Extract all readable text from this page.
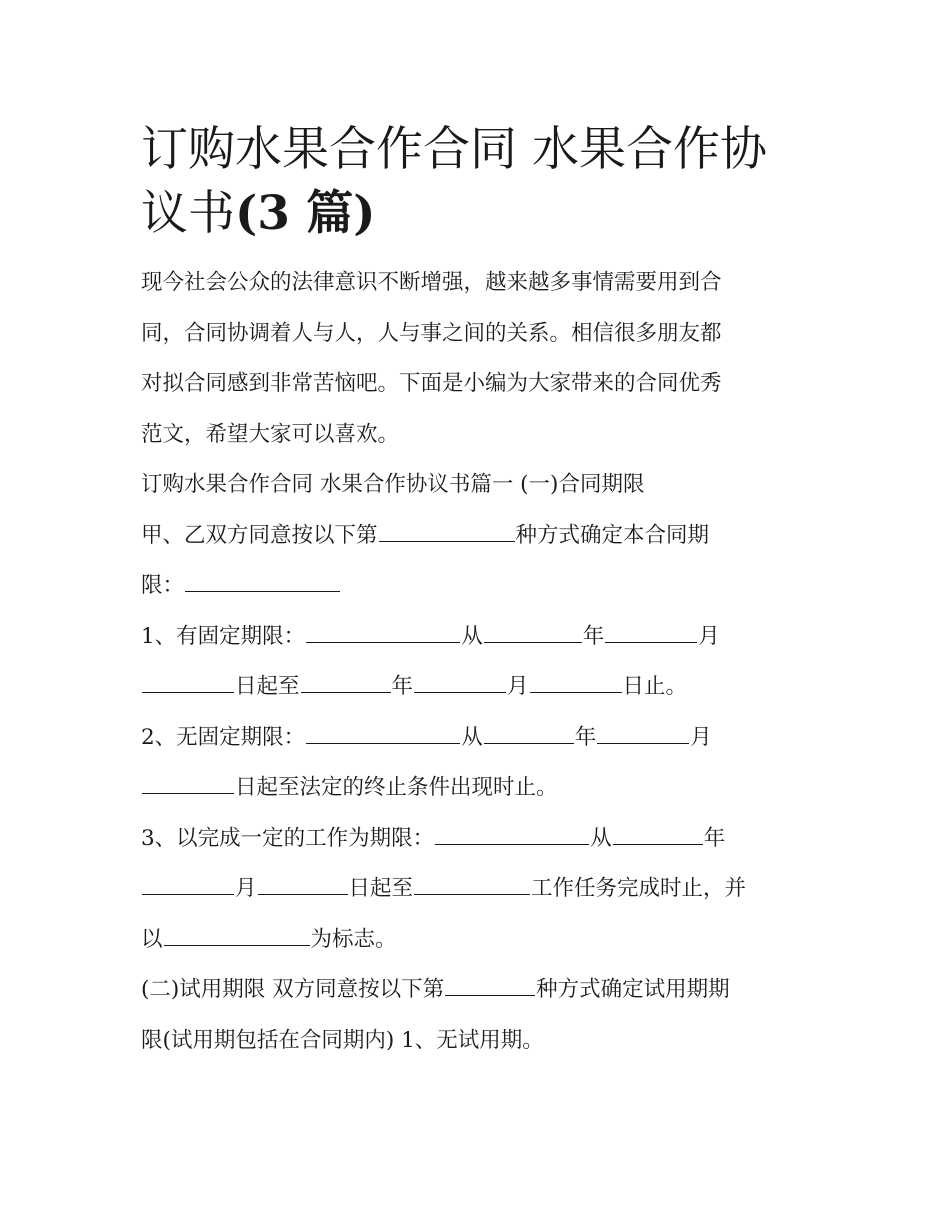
订购水果合作合同 水果合作协
议书(3 篇)

现今社会公众的法律意识不断增强，越来越多事情需要用到合
同，合同协调着人与人，人与事之间的关系。相信很多朋友都
对拟合同感到非常苦恼吧。下面是小编为大家带来的合同优秀
范文，希望大家可以喜欢。

订购水果合作合同 水果合作协议书篇一 (一)合同期限

甲、乙双方同意按以下第	种方式确定本合同期
限：

1、有固定期限：	从	年	月
日起至	年	月	日止。

2、无固定期限：	从	年	月
日起至法定的终止条件出现时止。

3、以完成一定的工作为期限：	从	年
月	日起至	工作任务完成时止，并
以	为标志。

(二)试用期限 双方同意按以下第	种方式确定试用期期
限(试用期包括在合同期内) 1、无试用期。
